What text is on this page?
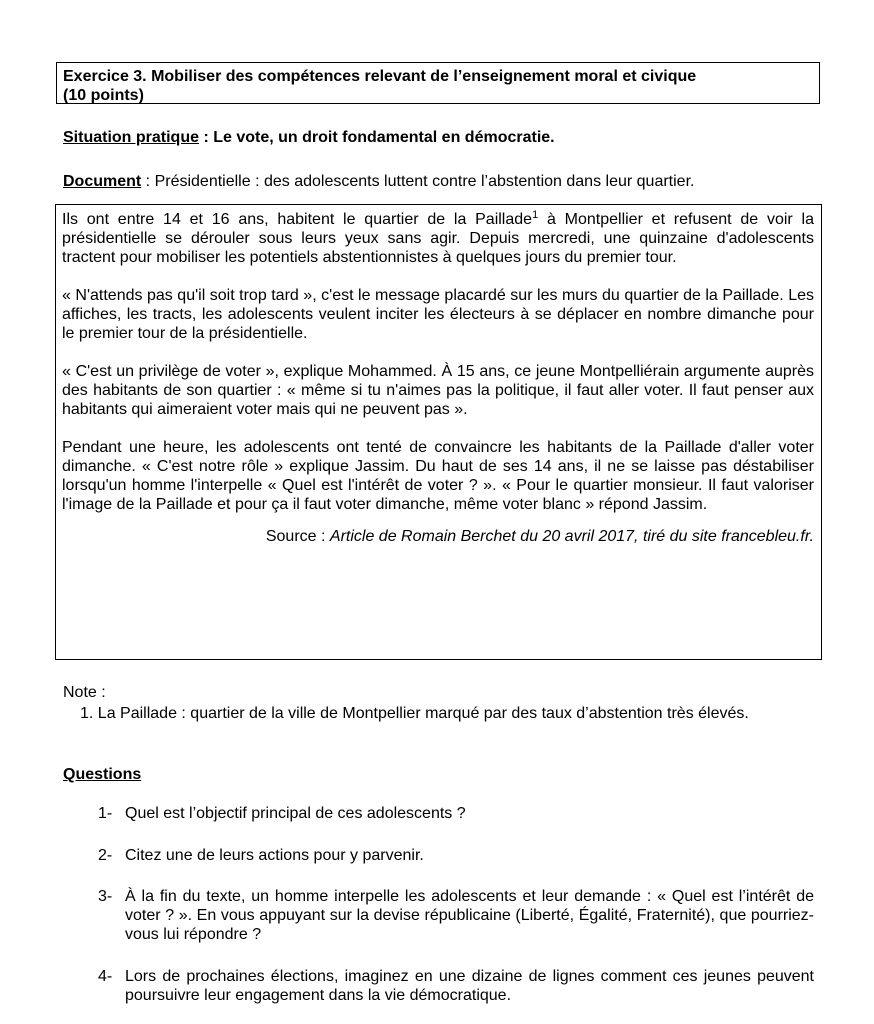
Exercice 3. Mobiliser des compétences relevant de l’enseignement moral et civique
(10 points)
Situation pratique : Le vote, un droit fondamental en démocratie.
Document : Présidentielle : des adolescents luttent contre l’abstention dans leur quartier.

Ils ont entre 14 et 16 ans, habitent le quartier de la Paillade$^1$ à Montpellier et refusent de voir la présidentielle se dérouler sous leurs yeux sans agir. Depuis mercredi, une quinzaine d'adolescents tractent pour mobiliser les potentiels abstentionnistes à quelques jours du premier tour.

« N'attends pas qu'il soit trop tard », c'est le message placardé sur les murs du quartier de la Paillade. Les affiches, les tracts, les adolescents veulent inciter les électeurs à se déplacer en nombre dimanche pour le premier tour de la présidentielle.

« C'est un privilège de voter », explique Mohammed. À 15 ans, ce jeune Montpelliérain argumente auprès des habitants de son quartier : « même si tu n'aimes pas la politique, il faut aller voter. Il faut penser aux habitants qui aimeraient voter mais qui ne peuvent pas ».

Pendant une heure, les adolescents ont tenté de convaincre les habitants de la Paillade d'aller voter dimanche. « C'est notre rôle » explique Jassim. Du haut de ses 14 ans, il ne se laisse pas déstabiliser lorsqu'un homme l'interpelle « Quel est l'intérêt de voter ? ». « Pour le quartier monsieur. Il faut valoriser l'image de la Paillade et pour ça il faut voter dimanche, même voter blanc » répond Jassim.

Source : Article de Romain Berchet du 20 avril 2017, tiré du site francebleu.fr.

Note :
1. La Paillade : quartier de la ville de Montpellier marqué par des taux d’abstention très élevés.
Questions
1- Quel est l’objectif principal de ces adolescents ?
2- Citez une de leurs actions pour y parvenir.
3- À la fin du texte, un homme interpelle les adolescents et leur demande : « Quel est l’intérêt de voter ? ». En vous appuyant sur la devise républicaine (Liberté, Égalité, Fraternité), que pourriez-vous lui répondre ?
4- Lors de prochaines élections, imaginez en une dizaine de lignes comment ces jeunes peuvent poursuivre leur engagement dans la vie démocratique.
